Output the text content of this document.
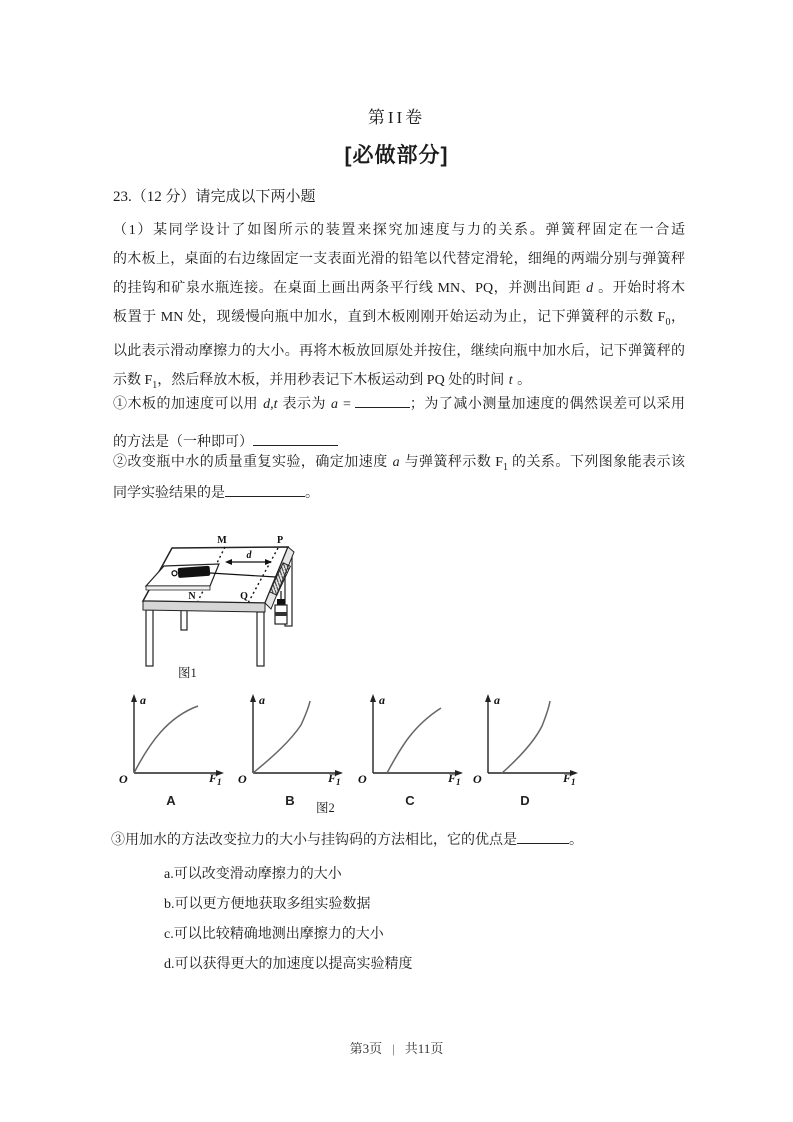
第II卷
[必做部分]
23.（12 分）请完成以下两小题
（1）某同学设计了如图所示的装置来探究加速度与力的关系。弹簧秤固定在一合适
的木板上，桌面的右边缘固定一支表面光滑的铅笔以代替定滑轮，细绳的两端分别与弹簧秤
的挂钩和矿泉水瓶连接。在桌面上画出两条平行线 MN、PQ，并测出间距 d 。开始时将木
板置于 MN 处，现缓慢向瓶中加水，直到木板刚刚开始运动为止，记下弹簧秤的示数 $F_0$，
以此表示滑动摩擦力的大小。再将木板放回原处并按住，继续向瓶中加水后，记下弹簧秤的
示数 $F_1$，然后释放木板，并用秒表记下木板运动到 PQ 处的时间 t 。
①木板的加速度可以用 d,t 表示为 a =	；为了减小测量加速度的偶然误差可以采用
的方法是（一种即可）
②改变瓶中水的质量重复实验，确定加速度 a 与弹簧秤示数 $F_1$ 的关系。下列图象能表示该
同学实验结果的是	。
M	P
N	Q
d
图1
a
O	$F_1$
A
a
O	$F_1$
B
a
O	$F_1$
C
a
O	$F_1$
D
图2
③用加水的方法改变拉力的大小与挂钩码的方法相比，它的优点是	。
a.可以改变滑动摩擦力的大小
b.可以更方便地获取多组实验数据
c.可以比较精确地测出摩擦力的大小
d.可以获得更大的加速度以提高实验精度
第3页 | 共11页
